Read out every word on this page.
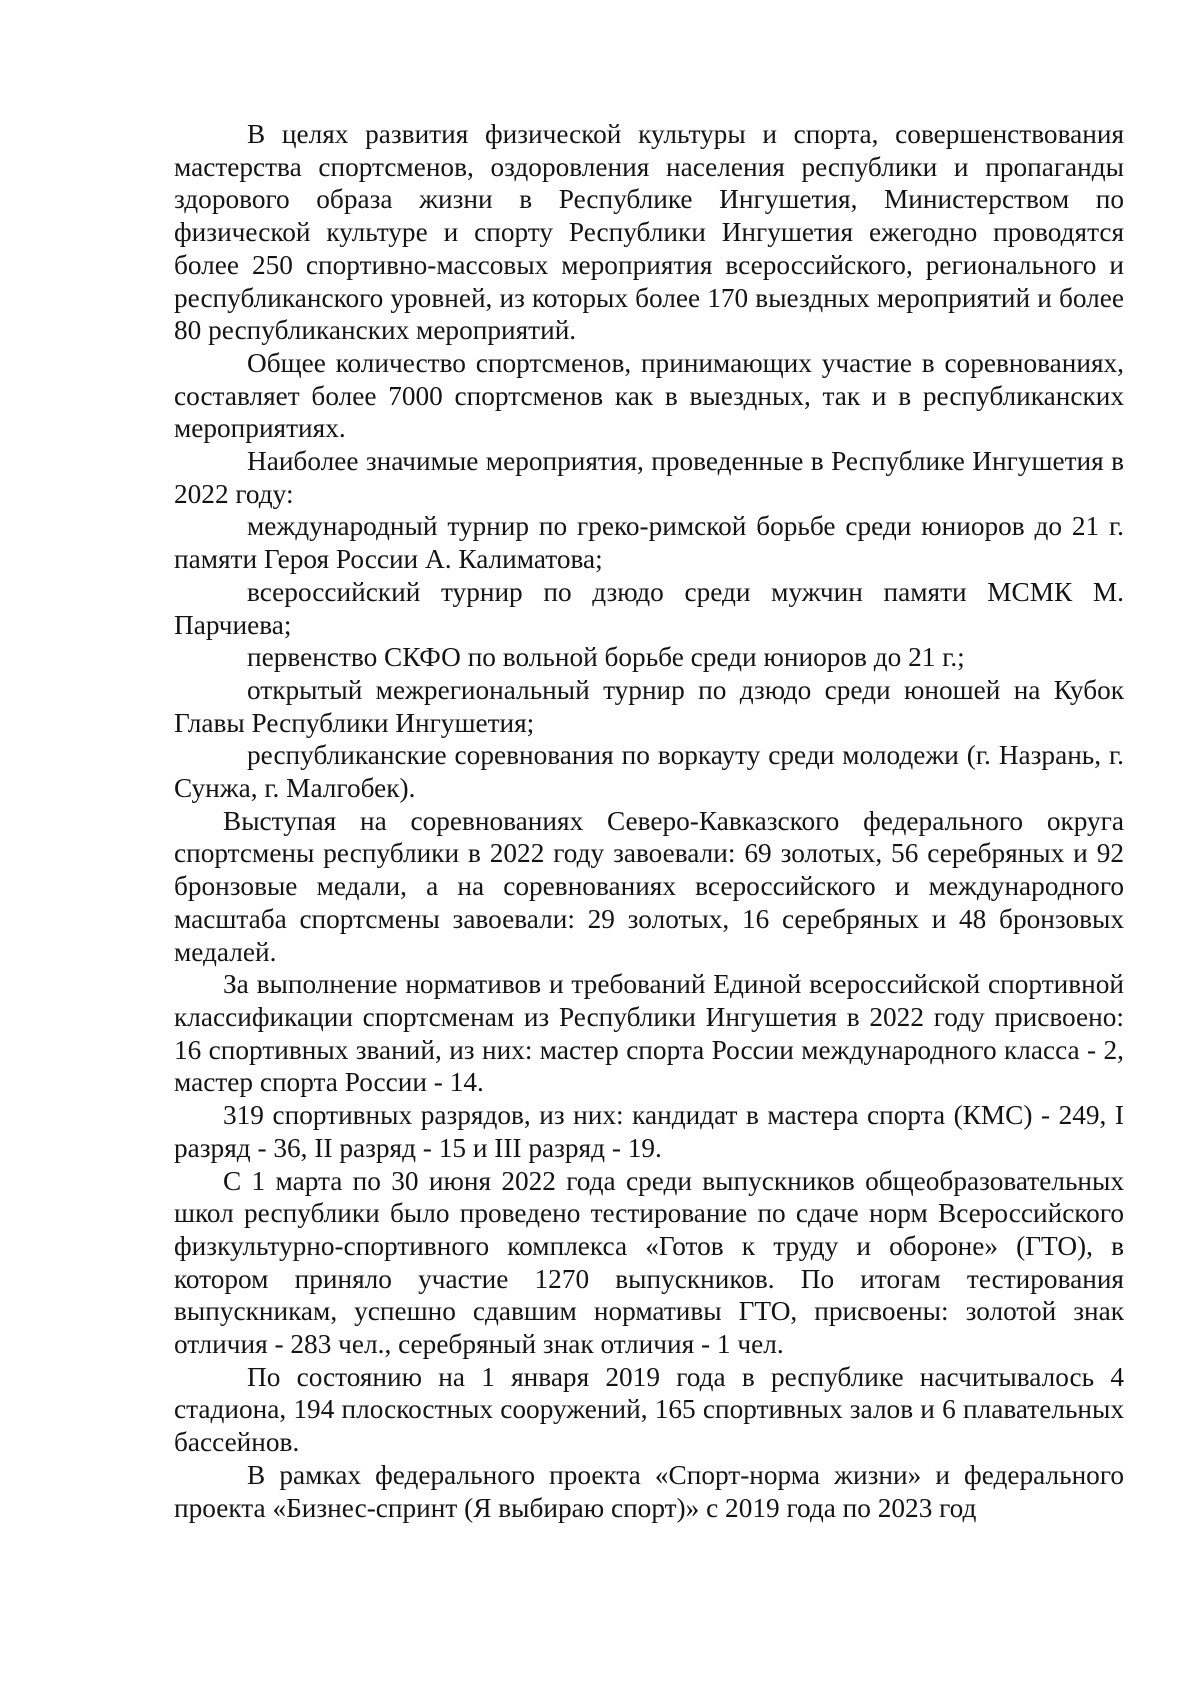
В целях развития физической культуры и спорта, совершенствования мастерства спортсменов, оздоровления населения республики и пропаганды здорового образа жизни в Республике Ингушетия, Министерством по физической культуре и спорту Республики Ингушетия ежегодно проводятся более 250 спортивно-массовых мероприятия всероссийского, регионального и республиканского уровней, из которых более 170 выездных мероприятий и более 80 республиканских мероприятий.

Общее количество спортсменов, принимающих участие в соревнованиях, составляет более 7000 спортсменов как в выездных, так и в республиканских мероприятиях.

Наиболее значимые мероприятия, проведенные в Республике Ингушетия в 2022 году:

международный турнир по греко-римской борьбе среди юниоров до 21 г. памяти Героя России А. Калиматова;

всероссийский турнир по дзюдо среди мужчин памяти МСМК М. Парчиева;

первенство СКФО по вольной борьбе среди юниоров до 21 г.;

открытый межрегиональный турнир по дзюдо среди юношей на Кубок Главы Республики Ингушетия;

республиканские соревнования по воркауту среди молодежи (г. Назрань, г. Сунжа, г. Малгобек).

Выступая на соревнованиях Северо-Кавказского федерального округа спортсмены республики в 2022 году завоевали: 69 золотых, 56 серебряных и 92 бронзовые медали, а на соревнованиях всероссийского и международного масштаба спортсмены завоевали: 29 золотых, 16 серебряных и 48 бронзовых медалей.

За выполнение нормативов и требований Единой всероссийской спортивной классификации спортсменам из Республики Ингушетия в 2022 году присвоено: 16 спортивных званий, из них: мастер спорта России международного класса - 2, мастер спорта России - 14.

319 спортивных разрядов, из них: кандидат в мастера спорта (КМС) - 249, I разряд - 36, II разряд - 15 и III разряд - 19.

С 1 марта по 30 июня 2022 года среди выпускников общеобразовательных школ республики было проведено тестирование по сдаче норм Всероссийского физкультурно-спортивного комплекса «Готов к труду и обороне» (ГТО), в котором приняло участие 1270 выпускников. По итогам тестирования выпускникам, успешно сдавшим нормативы ГТО, присвоены: золотой знак отличия - 283 чел., серебряный знак отличия - 1 чел.

По состоянию на 1 января 2019 года в республике насчитывалось 4 стадиона, 194 плоскостных сооружений, 165 спортивных залов и 6 плавательных бассейнов.

В рамках федерального проекта «Спорт-норма жизни» и федерального проекта «Бизнес-спринт (Я выбираю спорт)» с 2019 года по 2023 год
